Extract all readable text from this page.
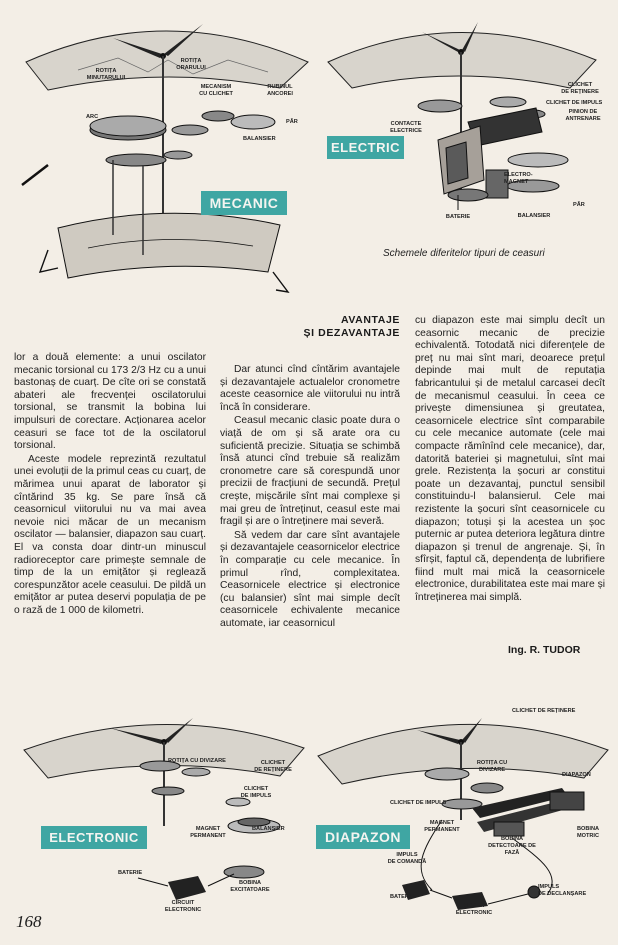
ROTIȚA
MINUTARULUI
ROTIȚA
ORARULUI
MECANISM
CU CLICHET
RUBINUL
ANCOREI
ARC
PĂR
BALANSIER
MECANIC
CLICHET
DE REȚINERE
CLICHET DE IMPULS
PINION DE
ANTRENARE
CONTACTE
ELECTRICE
ELECTRO-
MAGNET
BATERIE
PĂR
BALANSIER
ELECTRIC
Schemele diferitelor tipuri de ceasuri
AVANTAJE
ȘI DEZAVANTAJE

lor a două elemente: a unui oscilator mecanic torsional cu 173 2/3 Hz cu a unui bastonaș de cuarț. De cîte ori se constată abateri ale frecvenței oscilatorului torsional, se transmit la bobina lui impulsuri de corectare. Acționarea acelor ceasuri se face tot de la oscilatorul torsional.

Aceste modele reprezintă rezultatul unei evoluții de la primul ceas cu cuarț, de mărimea unui aparat de laborator și cîntărind 35 kg. Se pare însă că ceasornicul viitorului nu va mai avea nevoie nici măcar de un mecanism oscilator — balansier, diapazon sau cuarț. El va consta doar dintr-un minuscul radioreceptor care primește semnale de timp de la un emițător și reglează corespunzător acele ceasului. De pildă un emițător ar putea deservi populația de pe o rază de 1 000 de kilometri.

Dar atunci cînd cîntărim avantajele și dezavantajele actualelor cronometre aceste ceasornice ale viitorului nu intră încă în considerare.

Ceasul mecanic clasic poate dura o viață de om și să arate ora cu suficientă precizie. Situația se schimbă însă atunci cînd trebuie să realizăm cronometre care să corespundă unor precizii de fracțiuni de secundă. Prețul crește, mișcările sînt mai complexe și mai greu de întreținut, ceasul este mai fragil și are o întreținere mai severă.

Să vedem dar care sînt avantajele și dezavantajele ceasornicelor electrice în comparație cu cele mecanice. În primul rînd, complexitatea. Ceasornicele electrice și electronice (cu balansier) sînt mai simple decît ceasornicele echivalente mecanice automate, iar ceasornicul

cu diapazon este mai simplu decît un ceasornic mecanic de precizie echivalentă. Totodată nici diferențele de preț nu mai sînt mari, deoarece prețul depinde mai mult de reputația fabricantului și de metalul carcasei decît de mecanismul ceasului. În ceea ce privește dimensiunea și greutatea, ceasornicele electrice sînt comparabile cu cele mecanice automate (cele mai compacte rămînînd cele mecanice), dar, datorită bateriei și magnetului, sînt mai grele. Rezistența la șocuri ar constitui poate un dezavantaj, punctul sensibil constituindu-l balansierul. Cele mai rezistente la șocuri sînt ceasornicele cu diapazon; totuși și la acestea un șoc puternic ar putea deteriora legătura dintre diapazon și trenul de angrenaje. Și, în sfîrșit, faptul că, dependența de lubrifiere fiind mult mai mică la ceasornicele electronice, durabilitatea este mai mare și întreținerea mai simplă.

Ing. R. TUDOR
ROTIȚA CU DIVIZARE	CLICHET
DE REȚINERE
CLICHET
DE IMPULS
MAGNET
PERMANENT
BALANSIER
BATERIE
BOBINA
EXCITATOARE
CIRCUIT
ELECTRONIC
ELECTRONIC
CLICHET DE REȚINERE
ROTIȚA CU
DIVIZARE
DIAPAZON
CLICHET DE IMPULS
BOBINA
MOTRIC
MAGNET
PERMANENT
BOBINA
DETECTOARE DE
FAZĂ
IMPULS
DE COMANDĂ
BATERIE
CIRCUIT
ELECTRONIC
IMPULS
DE DECLANȘARE
DIAPAZON
168
